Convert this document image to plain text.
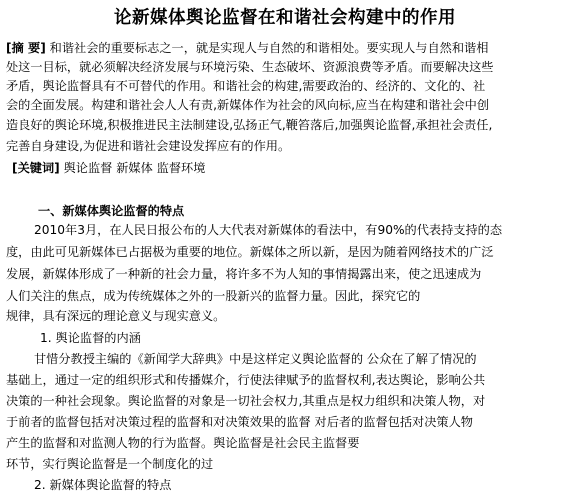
论新媒体舆论监督在和谐社会构建中的作用
[摘 要] 和谐社会的重要标志之一，就是实现人与自然的和谐相处。要实现人与自然和谐相
处这一目标，就必须解决经济发展与环境污染、生态破坏、资源浪费等矛盾。而要解决这些
矛盾，舆论监督具有不可替代的作用。和谐社会的构建,需要政治的、经济的、文化的、社
会的全面发展。构建和谐社会人人有责,新媒体作为社会的风向标,应当在构建和谐社会中创
造良好的舆论环境,积极推进民主法制建设,弘扬正气,鞭笞落后,加强舆论监督,承担社会责任,
完善自身建设,为促进和谐社会建设发挥应有的作用。
[关键词] 舆论监督 新媒体 监督环境
一、新媒体舆论监督的特点
2010年3月，在人民日报公布的人大代表对新媒体的看法中，有90%的代表持支持的态
度，由此可见新媒体已占据极为重要的地位。新媒体之所以新，是因为随着网络技术的广泛
发展，新媒体形成了一种新的社会力量，将许多不为人知的事情揭露出来，使之迅速成为
人们关注的焦点，成为传统媒体之外的一股新兴的监督力量。因此，探究它的
规律，具有深远的理论意义与现实意义。
1. 舆论监督的内涵
甘惜分教授主编的《新闻学大辞典》中是这样定义舆论监督的 公众在了解了情况的
基础上，通过一定的组织形式和传播媒介，行使法律赋予的监督权利,表达舆论，影响公共
决策的一种社会现象。舆论监督的对象是一切社会权力,其重点是权力组织和决策人物，对
于前者的监督包括对决策过程的监督和对决策效果的监督 对后者的监督包括对决策人物
产生的监督和对监测人物的行为监督。舆论监督是社会民主监督要
环节，实行舆论监督是一个制度化的过
2. 新媒体舆论监督的特点
